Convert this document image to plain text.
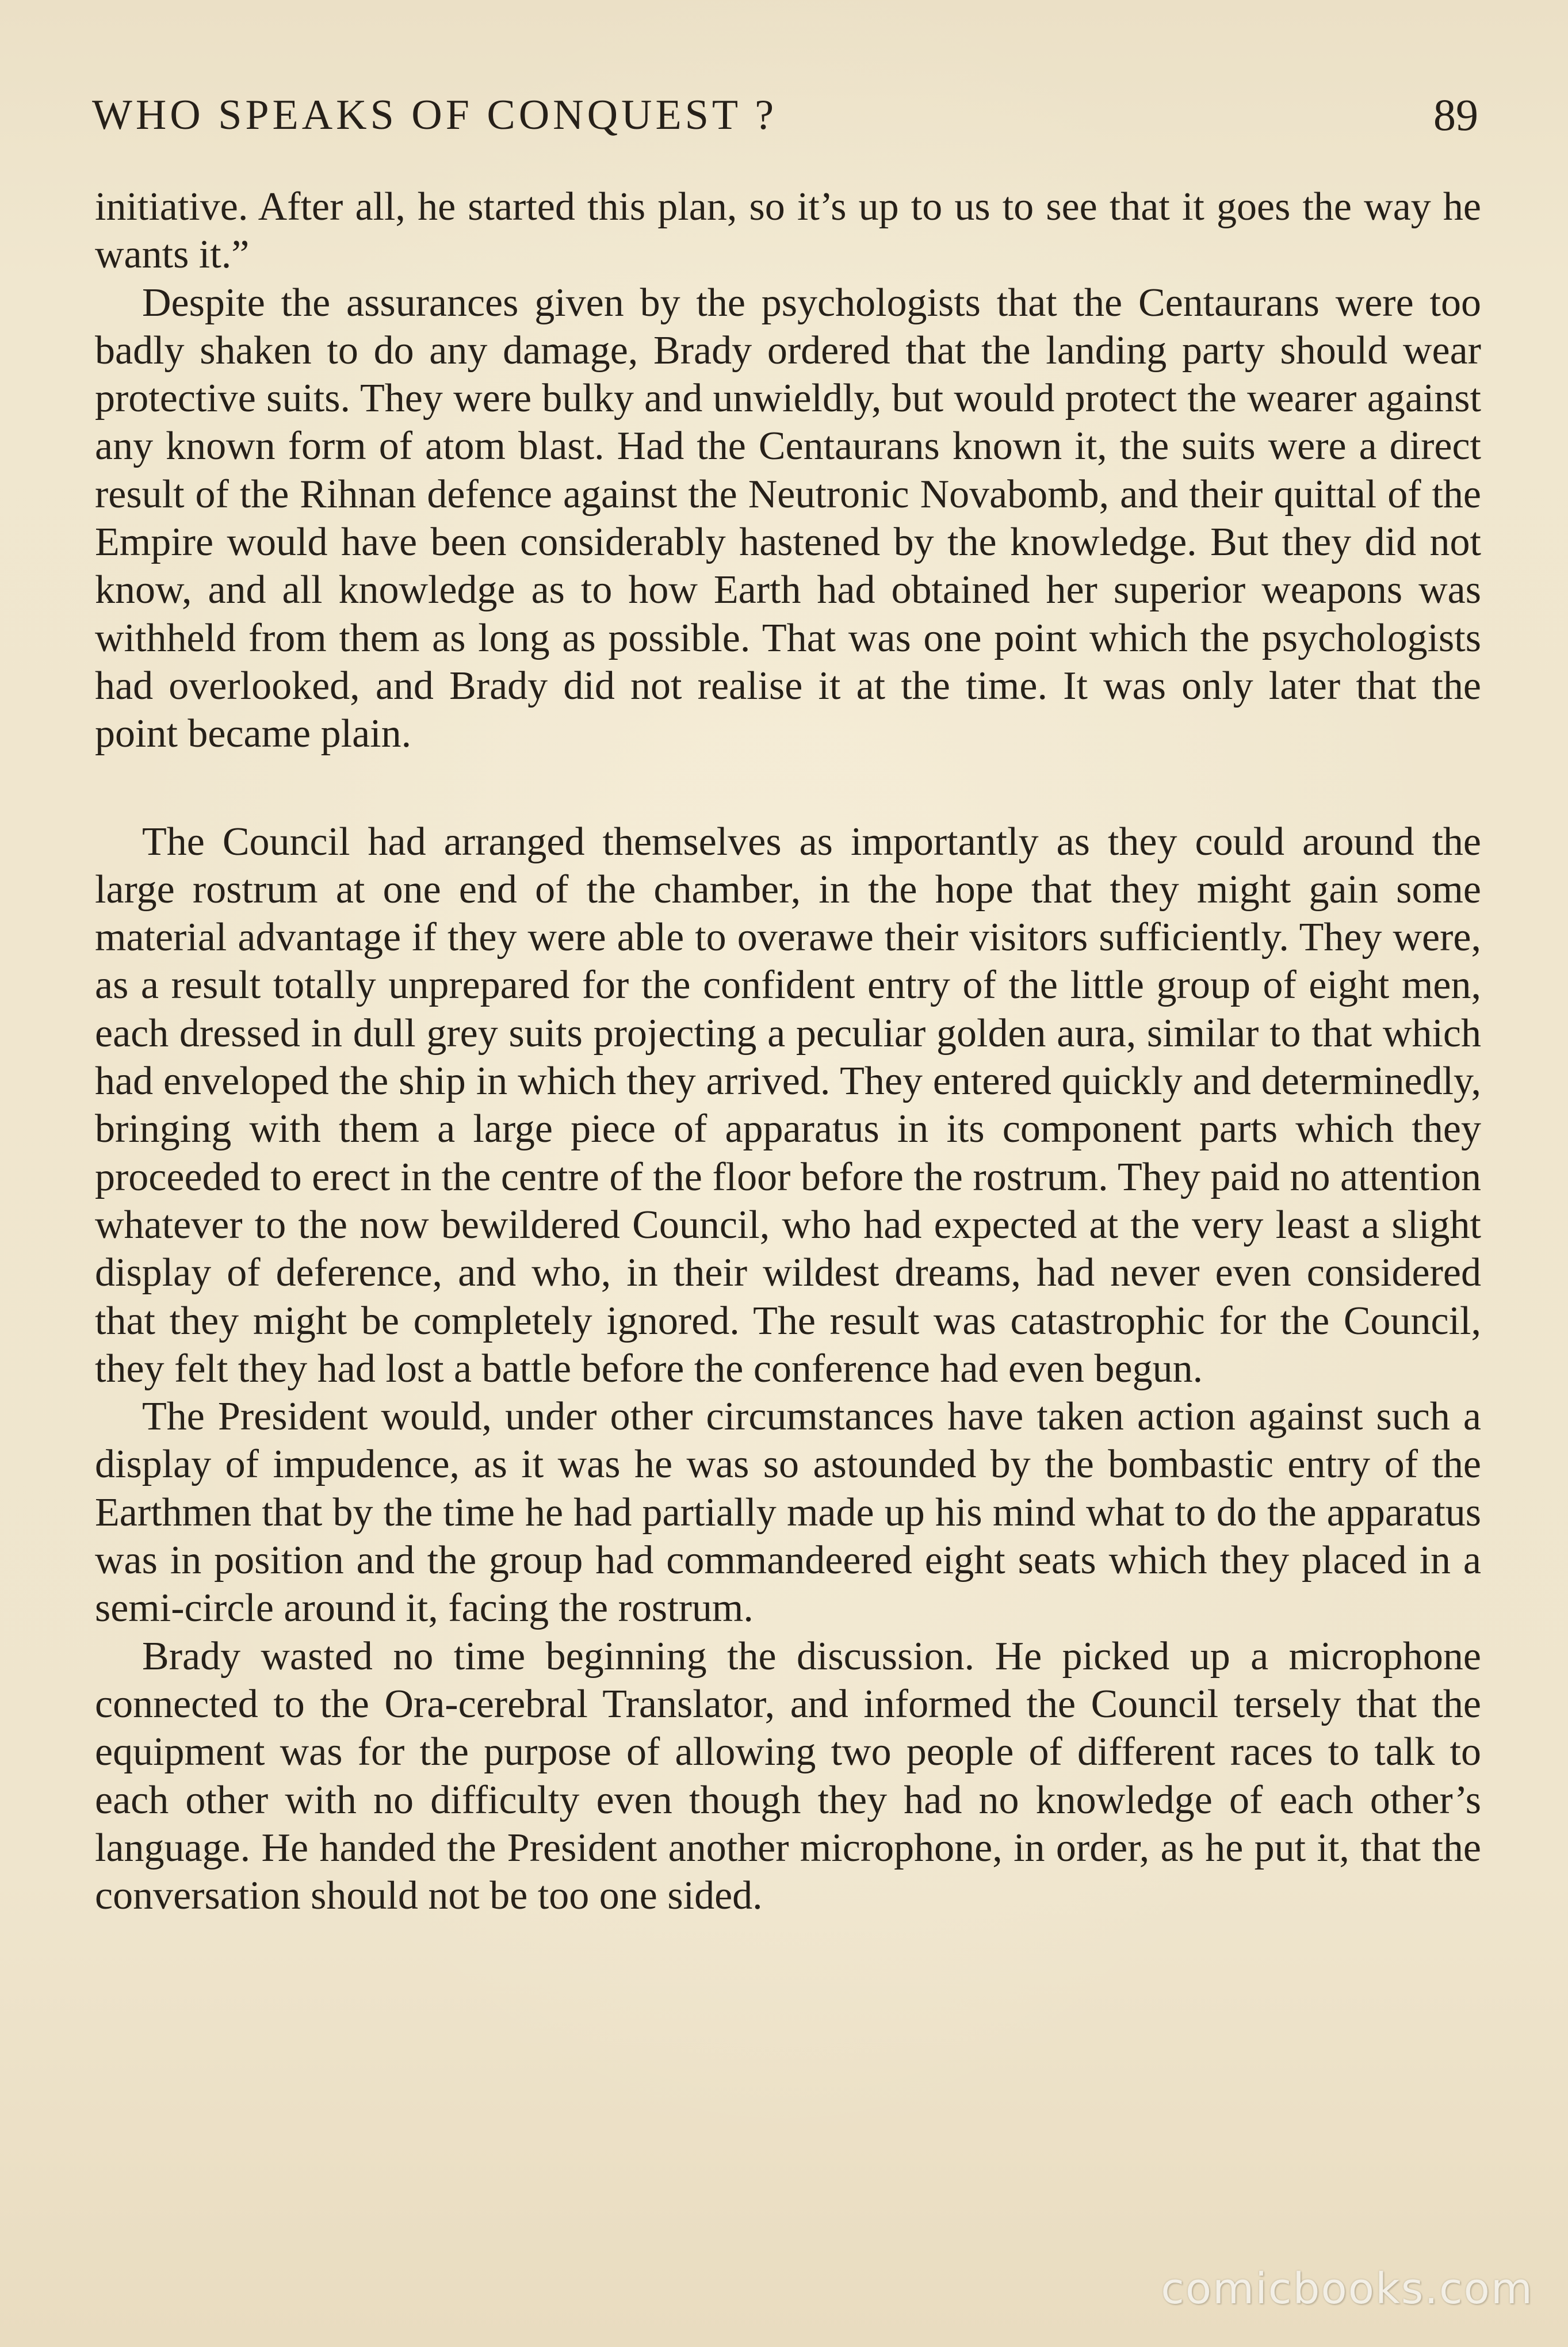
WHO SPEAKS OF CONQUEST ?	89

initiative. After all, he started this plan, so it’s up to us to see that it goes the way he wants it.”

Despite the assurances given by the psychologists that the Centaurans were too badly shaken to do any damage, Brady ordered that the landing party should wear protective suits. They were bulky and unwieldly, but would protect the wearer against any known form of atom blast. Had the Centaurans known it, the suits were a direct result of the Rihnan defence against the Neutronic Novabomb, and their quittal of the Empire would have been considerably hastened by the knowledge. But they did not know, and all knowledge as to how Earth had obtained her superior weapons was withheld from them as long as possible. That was one point which the psychologists had overlooked, and Brady did not realise it at the time. It was only later that the point became plain.

The Council had arranged themselves as importantly as they could around the large rostrum at one end of the chamber, in the hope that they might gain some material advantage if they were able to overawe their visitors sufficiently. They were, as a result totally unprepared for the confident entry of the little group of eight men, each dressed in dull grey suits projecting a peculiar golden aura, similar to that which had enveloped the ship in which they arrived. They entered quickly and determinedly, bringing with them a large piece of apparatus in its component parts which they proceeded to erect in the centre of the floor before the rostrum. They paid no attention whatever to the now bewildered Council, who had expected at the very least a slight display of deference, and who, in their wildest dreams, had never even considered that they might be completely ignored. The result was catastrophic for the Council, they felt they had lost a battle before the conference had even begun.

The President would, under other circumstances have taken action against such a display of impudence, as it was he was so astounded by the bombastic entry of the Earthmen that by the time he had partially made up his mind what to do the apparatus was in position and the group had commandeered eight seats which they placed in a semi-circle around it, facing the rostrum.

Brady wasted no time beginning the discussion. He picked up a microphone connected to the Ora-cerebral Translator, and informed the Council tersely that the equipment was for the purpose of allowing two people of different races to talk to each other with no difficulty even though they had no knowledge of each other’s language. He handed the President another microphone, in order, as he put it, that the conversation should not be too one sided.

comicbooks.com
